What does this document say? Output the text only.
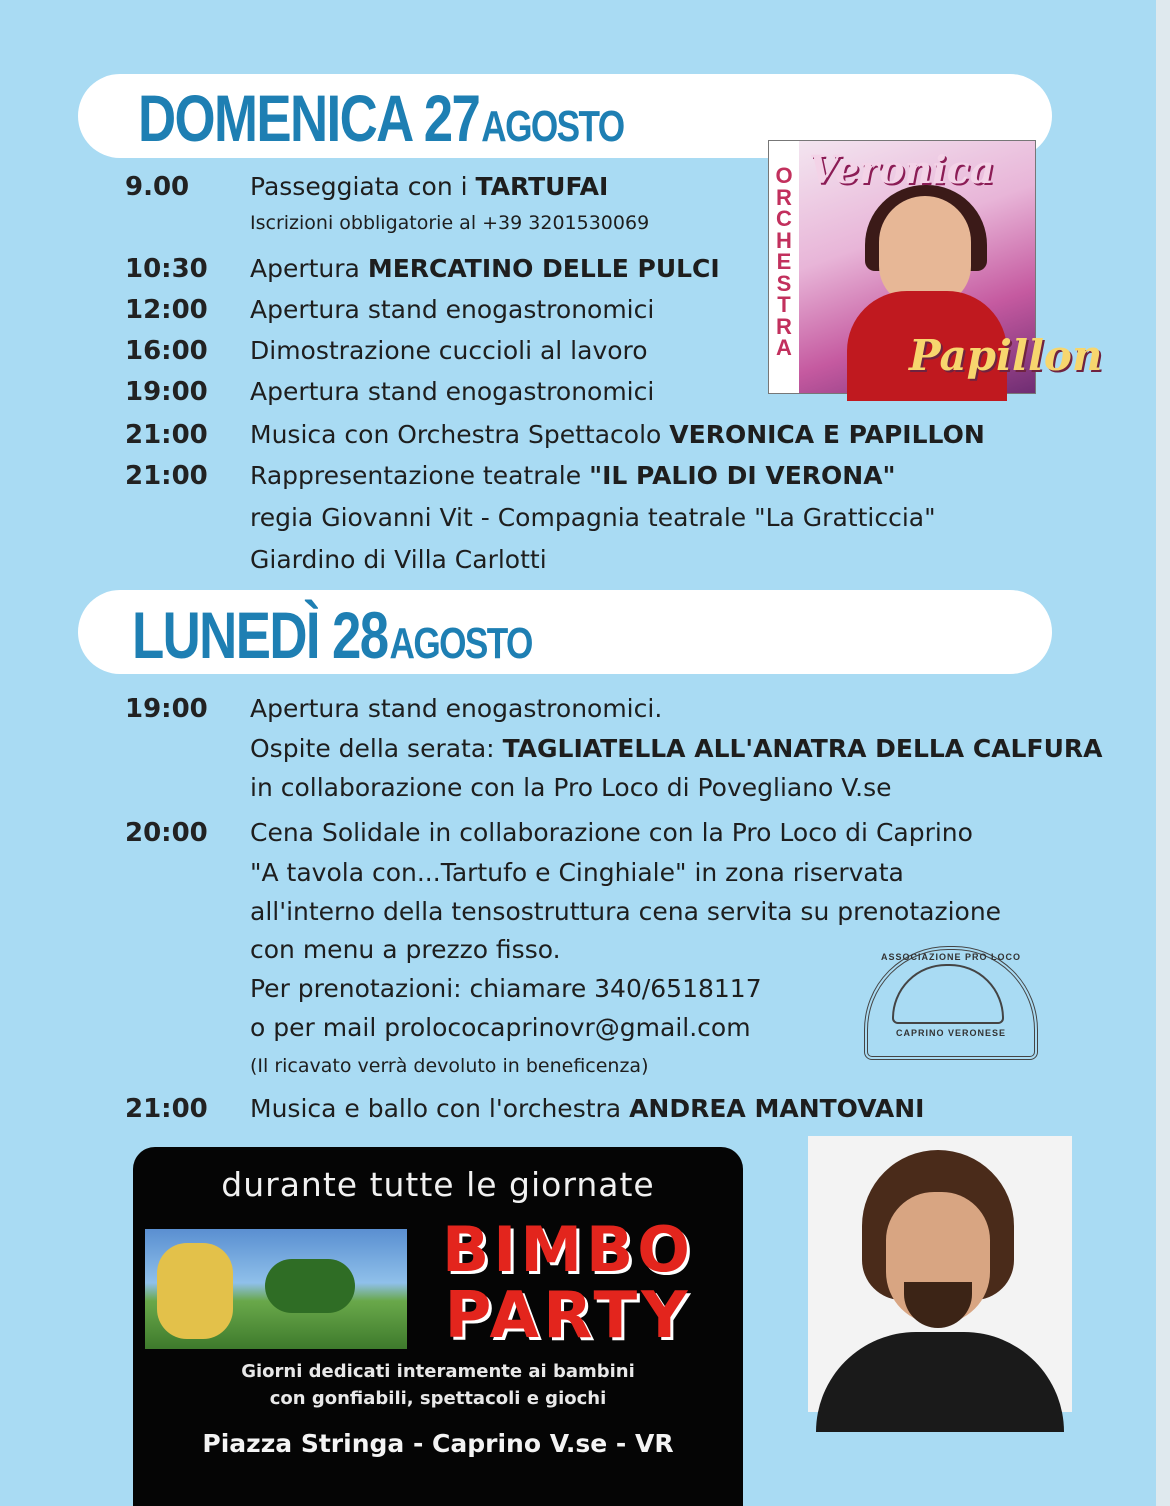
DOMENICA 27 AGOSTO
O
R
C
H
E
S
T
R
A
Veronica
Papillon
9.00 Passeggiata con i TARTUFAI
Iscrizioni obbligatorie al +39 3201530069
10:30 Apertura MERCATINO DELLE PULCI
12:00 Apertura stand enogastronomici
16:00 Dimostrazione cuccioli al lavoro
19:00 Apertura stand enogastronomici
21:00 Musica con Orchestra Spettacolo VERONICA E PAPILLON
21:00 Rappresentazione teatrale "IL PALIO DI VERONA"
regia Giovanni Vit - Compagnia teatrale "La Gratticcia"
Giardino di Villa Carlotti
LUNEDÌ 28 AGOSTO
19:00 Apertura stand enogastronomici.
Ospite della serata: TAGLIATELLA ALL'ANATRA DELLA CALFURA
in collaborazione con la Pro Loco di Povegliano V.se
20:00 Cena Solidale in collaborazione con la Pro Loco di Caprino
"A tavola con...Tartufo e Cinghiale" in zona riservata
all'interno della tensostruttura cena servita su prenotazione
con menu a prezzo fisso.
Per prenotazioni: chiamare 340/6518117
o per mail prolococaprinovr@gmail.com
(Il ricavato verrà devoluto in beneficenza)
21:00 Musica e ballo con l'orchestra ANDREA MANTOVANI
ASSOCIAZIONE PRO LOCO
CAPRINO VERONESE
durante tutte le giornate
BIMBO
PARTY
Giorni dedicati interamente ai bambini
con gonfiabili, spettacoli e giochi
Piazza Stringa - Caprino V.se - VR
